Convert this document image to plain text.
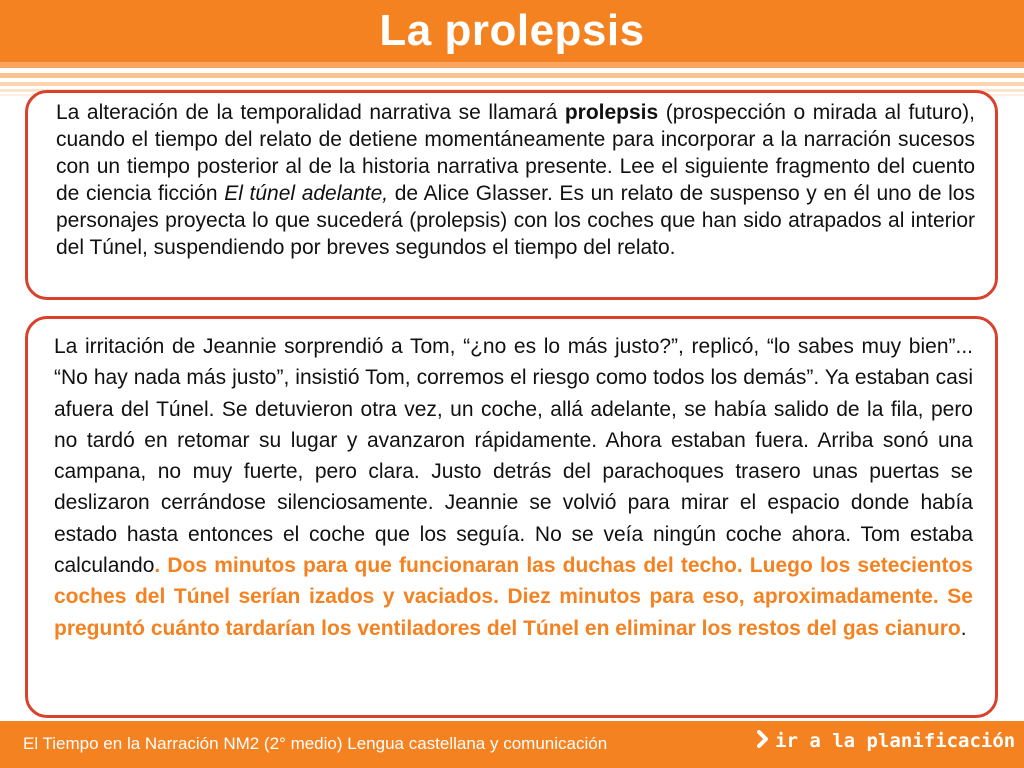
La prolepsis

La alteración de la temporalidad narrativa se llamará prolepsis (prospección o mirada al futuro), cuando el tiempo del relato de detiene momentáneamente para incorporar a la narración sucesos con un tiempo posterior al de la historia narrativa presente. Lee el siguiente fragmento del cuento de ciencia ficción El túnel adelante, de Alice Glasser. Es un relato de suspenso y en él uno de los personajes proyecta lo que sucederá (prolepsis) con los coches que han sido atrapados al interior del Túnel, suspendiendo por breves segundos el tiempo del relato.

La irritación de Jeannie sorprendió a Tom, “¿no es lo más justo?”, replicó, “lo sabes muy bien”... “No hay nada más justo”, insistió Tom, corremos el riesgo como todos los demás”. Ya estaban casi afuera del Túnel. Se detuvieron otra vez, un coche, allá adelante, se había salido de la fila, pero no tardó en retomar su lugar y avanzaron rápidamente. Ahora estaban fuera. Arriba sonó una campana, no muy fuerte, pero clara. Justo detrás del parachoques trasero unas puertas se deslizaron cerrándose silenciosamente. Jeannie se volvió para mirar el espacio donde había estado hasta entonces el coche que los seguía. No se veía ningún coche ahora. Tom estaba calculando. Dos minutos para que funcionaran las duchas del techo. Luego los setecientos coches del Túnel serían izados y vaciados. Diez minutos para eso, aproximadamente. Se preguntó cuánto tardarían los ventiladores del Túnel en eliminar los restos del gas cianuro.

El Tiempo en la Narración NM2 (2° medio) Lengua castellana y comunicación	ir a la planificación
